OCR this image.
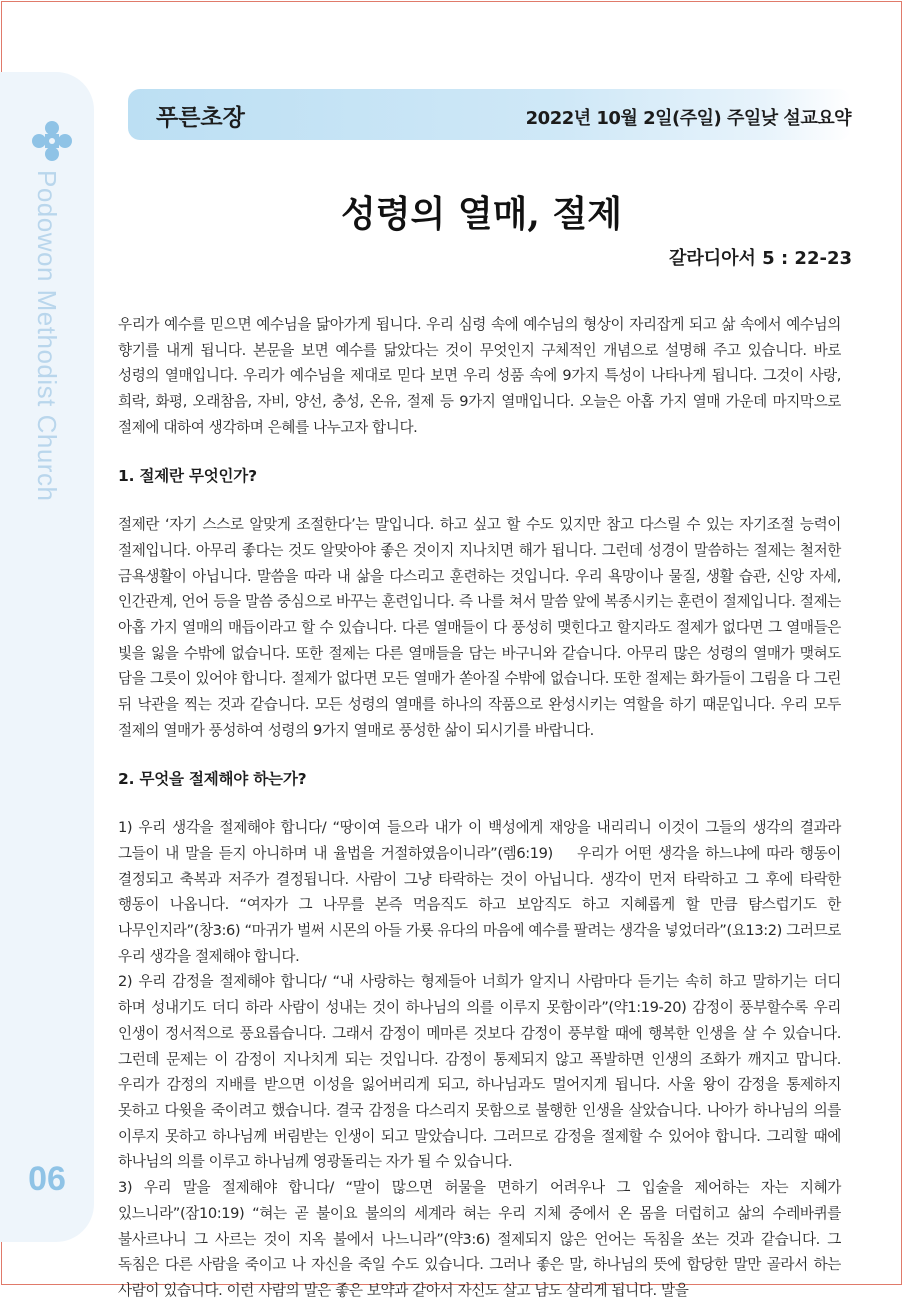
Podowon Methodist Church
06
푸른초장	2022년 10월 2일(주일) 주일낮 설교요약
성령의 열매, 절제
갈라디아서 5 : 22-23

우리가 예수를 믿으면 예수님을 닮아가게 됩니다. 우리 심령 속에 예수님의 형상이 자리잡게 되고 삶 속에서 예수님의 향기를 내게 됩니다. 본문을 보면 예수를 닮았다는 것이 무엇인지 구체적인 개념으로 설명해 주고 있습니다. 바로 성령의 열매입니다. 우리가 예수님을 제대로 믿다 보면 우리 성품 속에 9가지 특성이 나타나게 됩니다. 그것이 사랑, 희락, 화평, 오래참음, 자비, 양선, 충성, 온유, 절제 등 9가지 열매입니다. 오늘은 아홉 가지 열매 가운데 마지막으로 절제에 대하여 생각하며 은혜를 나누고자 합니다.

1. 절제란 무엇인가?

절제란 ‘자기 스스로 알맞게 조절한다’는 말입니다. 하고 싶고 할 수도 있지만 참고 다스릴 수 있는 자기조절 능력이 절제입니다. 아무리 좋다는 것도 알맞아야 좋은 것이지 지나치면 해가 됩니다. 그런데 성경이 말씀하는 절제는 철저한 금욕생활이 아닙니다. 말씀을 따라 내 삶을 다스리고 훈련하는 것입니다. 우리 욕망이나 물질, 생활 습관, 신앙 자세, 인간관계, 언어 등을 말씀 중심으로 바꾸는 훈련입니다. 즉 나를 쳐서 말씀 앞에 복종시키는 훈련이 절제입니다. 절제는 아홉 가지 열매의 매듭이라고 할 수 있습니다. 다른 열매들이 다 풍성히 맺힌다고 할지라도 절제가 없다면 그 열매들은 빛을 잃을 수밖에 없습니다. 또한 절제는 다른 열매들을 담는 바구니와 같습니다. 아무리 많은 성령의 열매가 맺혀도 담을 그릇이 있어야 합니다. 절제가 없다면 모든 열매가 쏟아질 수밖에 없습니다. 또한 절제는 화가들이 그림을 다 그린 뒤 낙관을 찍는 것과 같습니다. 모든 성령의 열매를 하나의 작품으로 완성시키는 역할을 하기 때문입니다. 우리 모두 절제의 열매가 풍성하여 성령의 9가지 열매로 풍성한 삶이 되시기를 바랍니다.

2. 무엇을 절제해야 하는가?

1) 우리 생각을 절제해야 합니다/ “땅이여 들으라 내가 이 백성에게 재앙을 내리리니 이것이 그들의 생각의 결과라 그들이 내 말을 듣지 아니하며 내 율법을 거절하였음이니라”(렘6:19)　 우리가 어떤 생각을 하느냐에 따라 행동이 결정되고 축복과 저주가 결정됩니다. 사람이 그냥 타락하는 것이 아닙니다. 생각이 먼저 타락하고 그 후에 타락한 행동이 나옵니다. “여자가 그 나무를 본즉 먹음직도 하고 보암직도 하고 지혜롭게 할 만큼 탐스럽기도 한 나무인지라”(창3:6) “마귀가 벌써 시몬의 아들 가룟 유다의 마음에 예수를 팔려는 생각을 넣었더라”(요13:2) 그러므로 우리 생각을 절제해야 합니다.

2) 우리 감정을 절제해야 합니다/ “내 사랑하는 형제들아 너희가 알지니 사람마다 듣기는 속히 하고 말하기는 더디 하며 성내기도 더디 하라 사람이 성내는 것이 하나님의 의를 이루지 못함이라”(약1:19-20) 감정이 풍부할수록 우리 인생이 정서적으로 풍요롭습니다. 그래서 감정이 메마른 것보다 감정이 풍부할 때에 행복한 인생을 살 수 있습니다. 그런데 문제는 이 감정이 지나치게 되는 것입니다. 감정이 통제되지 않고 폭발하면 인생의 조화가 깨지고 맙니다. 우리가 감정의 지배를 받으면 이성을 잃어버리게 되고, 하나님과도 멀어지게 됩니다. 사울 왕이 감정을 통제하지 못하고 다윗을 죽이려고 했습니다. 결국 감정을 다스리지 못함으로 불행한 인생을 살았습니다. 나아가 하나님의 의를 이루지 못하고 하나님께 버림받는 인생이 되고 말았습니다. 그러므로 감정을 절제할 수 있어야 합니다. 그리할 때에 하나님의 의를 이루고 하나님께 영광돌리는 자가 될 수 있습니다.

3) 우리 말을 절제해야 합니다/ “말이 많으면 허물을 면하기 어려우나 그 입술을 제어하는 자는 지혜가 있느니라”(잠10:19) “혀는 곧 불이요 불의의 세계라 혀는 우리 지체 중에서 온 몸을 더럽히고 삶의 수레바퀴를 불사르나니 그 사르는 것이 지옥 불에서 나느니라”(약3:6) 절제되지 않은 언어는 독침을 쏘는 것과 같습니다. 그 독침은 다른 사람을 죽이고 나 자신을 죽일 수도 있습니다. 그러나 좋은 말, 하나님의 뜻에 합당한 말만 골라서 하는 사람이 있습니다. 이런 사람의 말은 좋은 보약과 같아서 자신도 살고 남도 살리게 됩니다. 말을
